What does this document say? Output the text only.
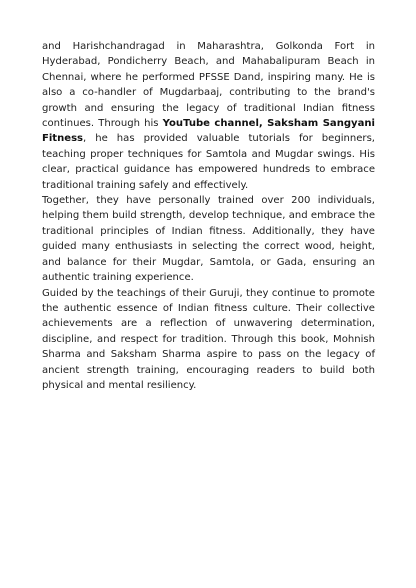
and Harishchandragad in Maharashtra, Golkonda Fort in Hyderabad, Pondicherry Beach, and Mahabalipuram Beach in Chennai, where he performed PFSSE Dand, inspiring many. He is also a co-handler of Mugdarbaaj, contributing to the brand's growth and ensuring the legacy of traditional Indian fitness continues. Through his YouTube channel, Saksham Sangyani Fitness, he has provided valuable tutorials for beginners, teaching proper techniques for Samtola and Mugdar swings. His clear, practical guidance has empowered hundreds to embrace traditional training safely and effectively.

Together, they have personally trained over 200 individuals, helping them build strength, develop technique, and embrace the traditional principles of Indian fitness. Additionally, they have guided many enthusiasts in selecting the correct wood, height, and balance for their Mugdar, Samtola, or Gada, ensuring an authentic training experience.

Guided by the teachings of their Guruji, they continue to promote the authentic essence of Indian fitness culture. Their collective achievements are a reflection of unwavering determination, discipline, and respect for tradition. Through this book, Mohnish Sharma and Saksham Sharma aspire to pass on the legacy of ancient strength training, encouraging readers to build both physical and mental resiliency.
